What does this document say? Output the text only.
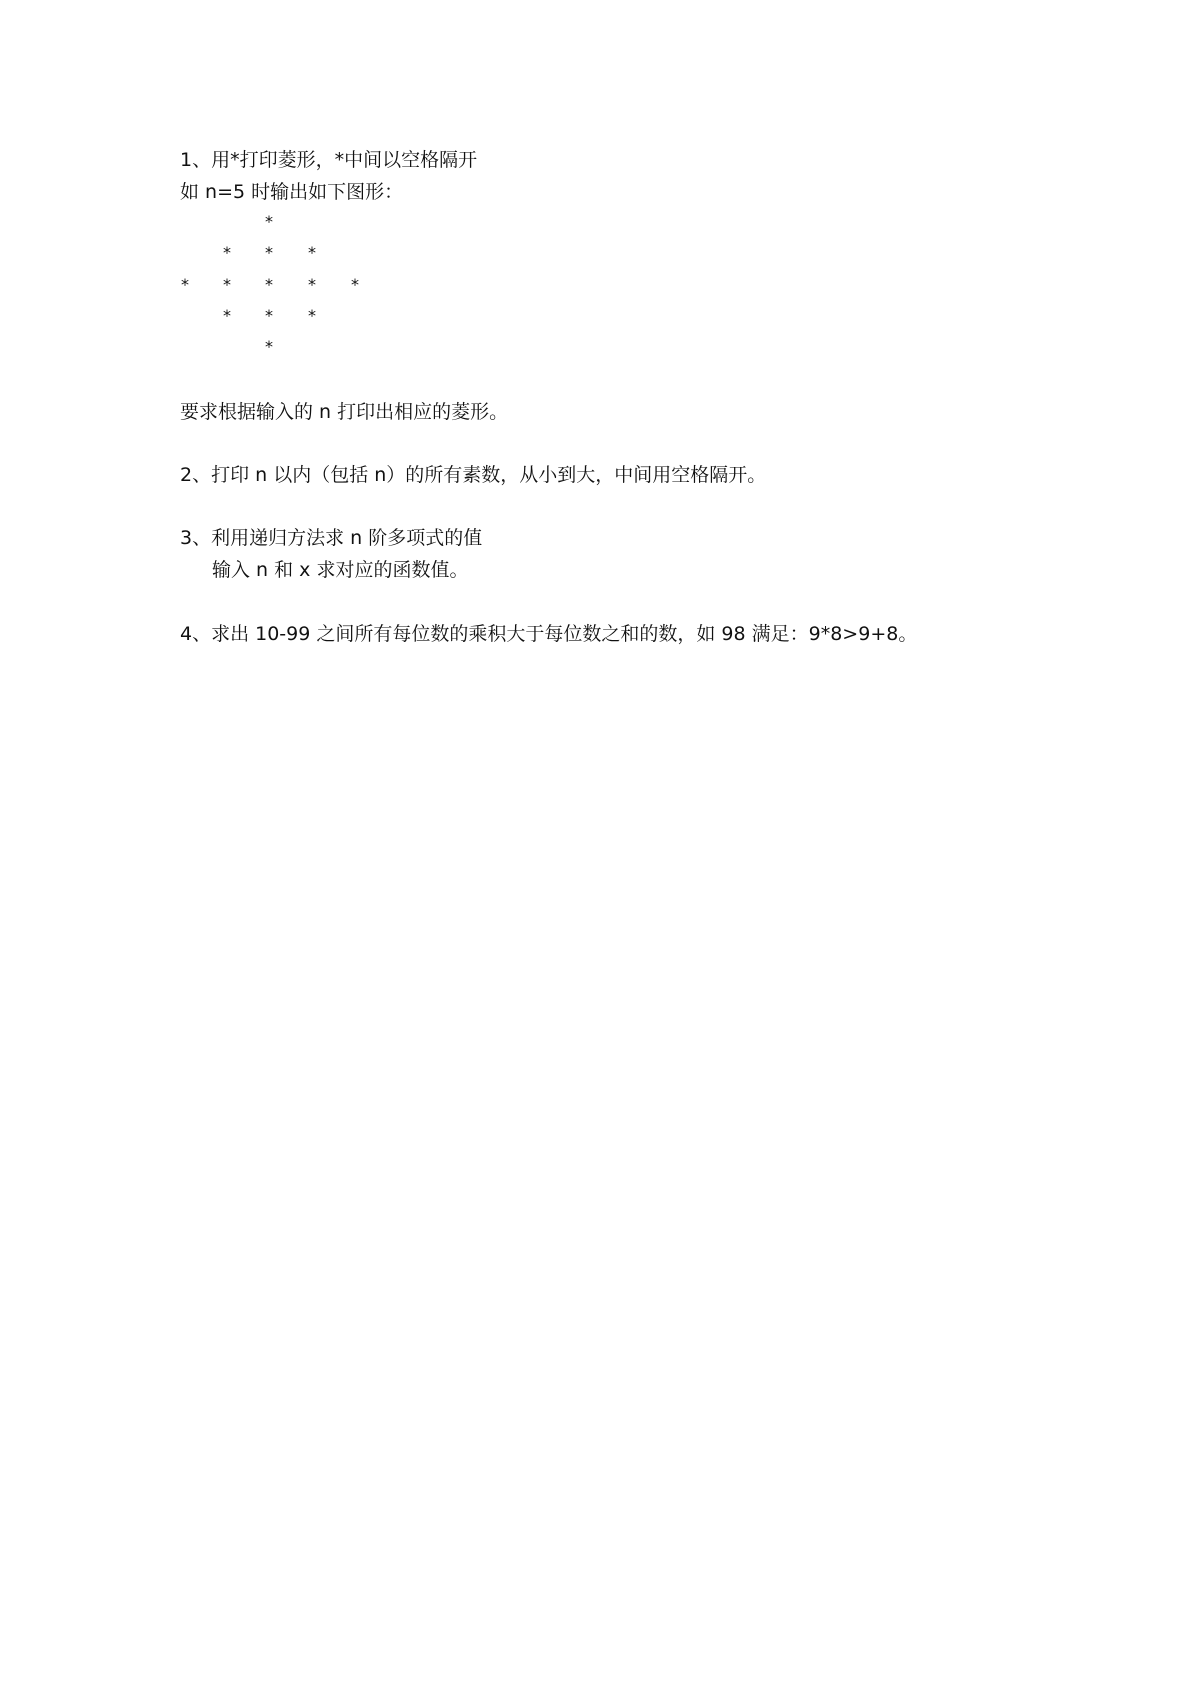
1、用*打印菱形，*中间以空格隔开

如 n=5 时输出如下图形：

*
* * *
* * * * *
* * *
*

要求根据输入的 n 打印出相应的菱形。

2、打印 n 以内（包括 n）的所有素数，从小到大，中间用空格隔开。

3、利用递归方法求 n 阶多项式的值

输入 n 和 x 求对应的函数值。

4、求出 10-99 之间所有每位数的乘积大于每位数之和的数，如 98 满足：9*8>9+8。
